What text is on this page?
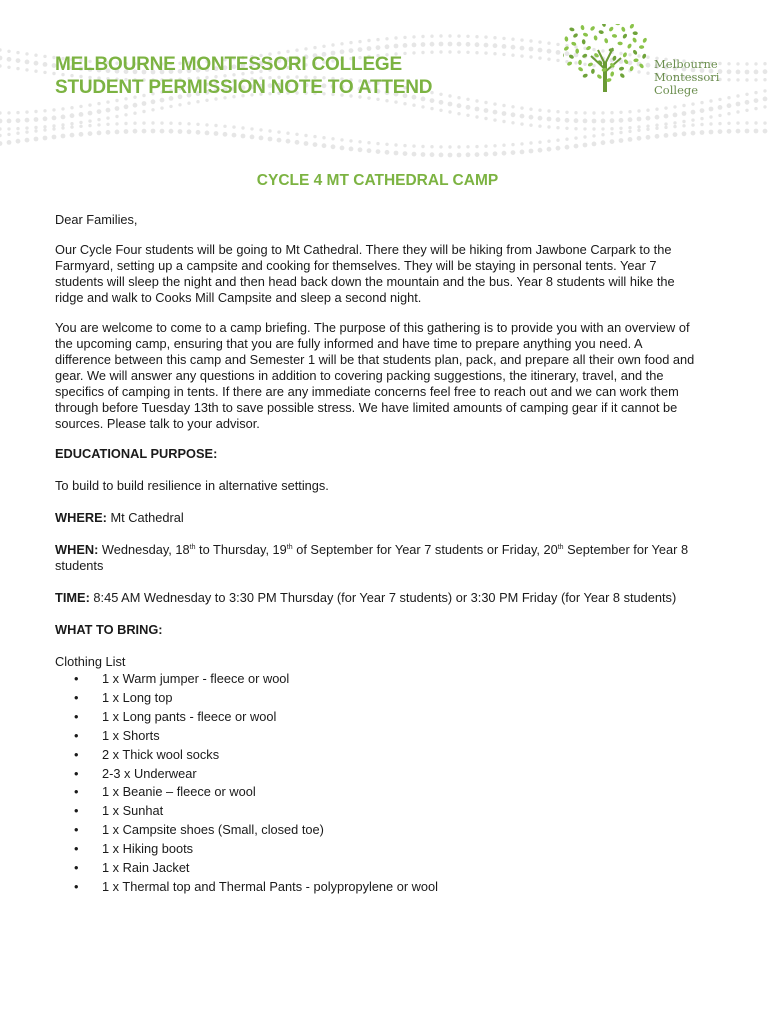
MELBOURNE MONTESSORI COLLEGE
STUDENT PERMISSION NOTE TO ATTEND
Melbourne
Montessori
College
CYCLE 4 MT CATHEDRAL CAMP

Dear Families,

Our Cycle Four students will be going to Mt Cathedral. There they will be hiking from Jawbone Carpark to the Farmyard, setting up a campsite and cooking for themselves. They will be staying in personal tents. Year 7 students will sleep the night and then head back down the mountain and the bus. Year 8 students will hike the ridge and walk to Cooks Mill Campsite and sleep a second night.

You are welcome to come to a camp briefing. The purpose of this gathering is to provide you with an overview of the upcoming camp, ensuring that you are fully informed and have time to prepare anything you need. A difference between this camp and Semester 1 will be that students plan, pack, and prepare all their own food and gear. We will answer any questions in addition to covering packing suggestions, the itinerary, travel, and the specifics of camping in tents. If there are any immediate concerns feel free to reach out and we can work them through before Tuesday 13th to save possible stress. We have limited amounts of camping gear if it cannot be sources. Please talk to your advisor.

EDUCATIONAL PURPOSE:

To build to build resilience in alternative settings.

WHERE: Mt Cathedral

WHEN: Wednesday, 18th to Thursday, 19th of September for Year 7 students or Friday, 20th September for Year 8 students

TIME: 8:45 AM Wednesday to 3:30 PM Thursday (for Year 7 students) or 3:30 PM Friday (for Year 8 students)

WHAT TO BRING:

Clothing List

• 1 x Warm jumper - fleece or wool
• 1 x Long top
• 1 x Long pants - fleece or wool
• 1 x Shorts
• 2 x Thick wool socks
• 2-3 x Underwear
• 1 x Beanie – fleece or wool
• 1 x Sunhat
• 1 x Campsite shoes (Small, closed toe)
• 1 x Hiking boots
• 1 x Rain Jacket
• 1 x Thermal top and Thermal Pants - polypropylene or wool
